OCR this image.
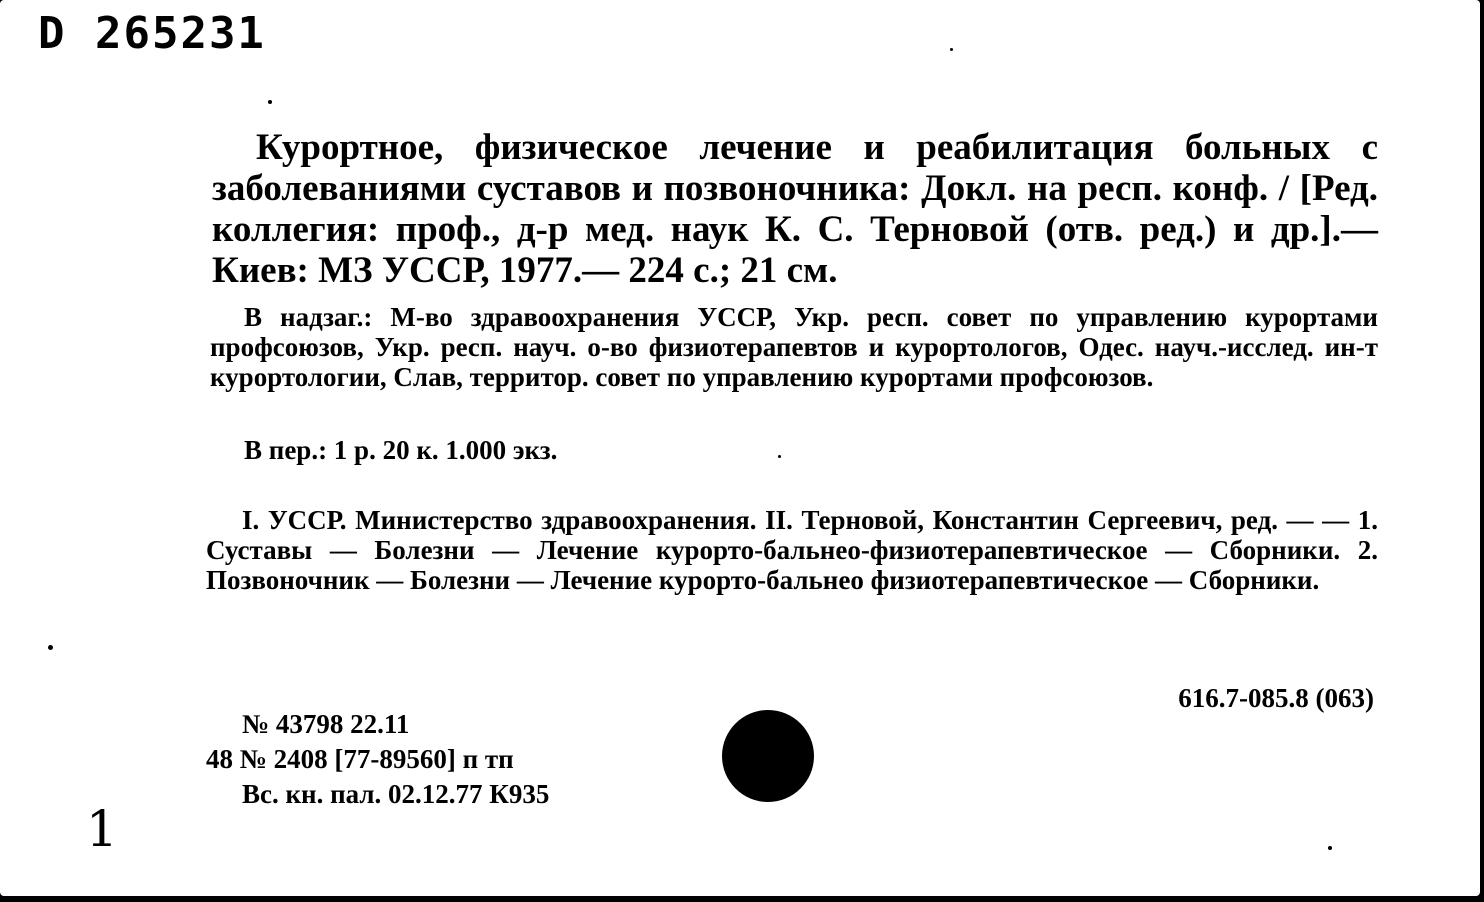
D 265231
Курортное, физическое лечение и реабилитация больных с заболеваниями суставов и позвоночника: Докл. на респ. конф. / [Ред. коллегия: проф., д-р мед. наук К. С. Терновой (отв. ред.) и др.].— Киев: МЗ УССР, 1977.— 224 с.; 21 см.
В надзаг.: М-во здравоохранения УССР, Укр. респ. совет по управлению курортами профсоюзов, Укр. респ. науч. о-во физиотерапевтов и курортологов, Одес. науч.-исслед. ин-т курортологии, Слав, территор. совет по управлению курортами профсоюзов.
В пер.: 1 р. 20 к. 1.000 экз.
I. УССР. Министерство здравоохранения. II. Терновой, Константин Сергеевич, ред. — — 1. Суставы — Болезни — Лечение курорто-бальнео-физиотерапевтическое — Сборники. 2. Позвоночник — Болезни — Лечение курорто-бальнео физиотерапевтическое — Сборники.
616.7-085.8 (063)
№ 43798 22.11
48 № 2408 [77-89560] п тп
Вс. кн. пал. 02.12.77 К935
1
